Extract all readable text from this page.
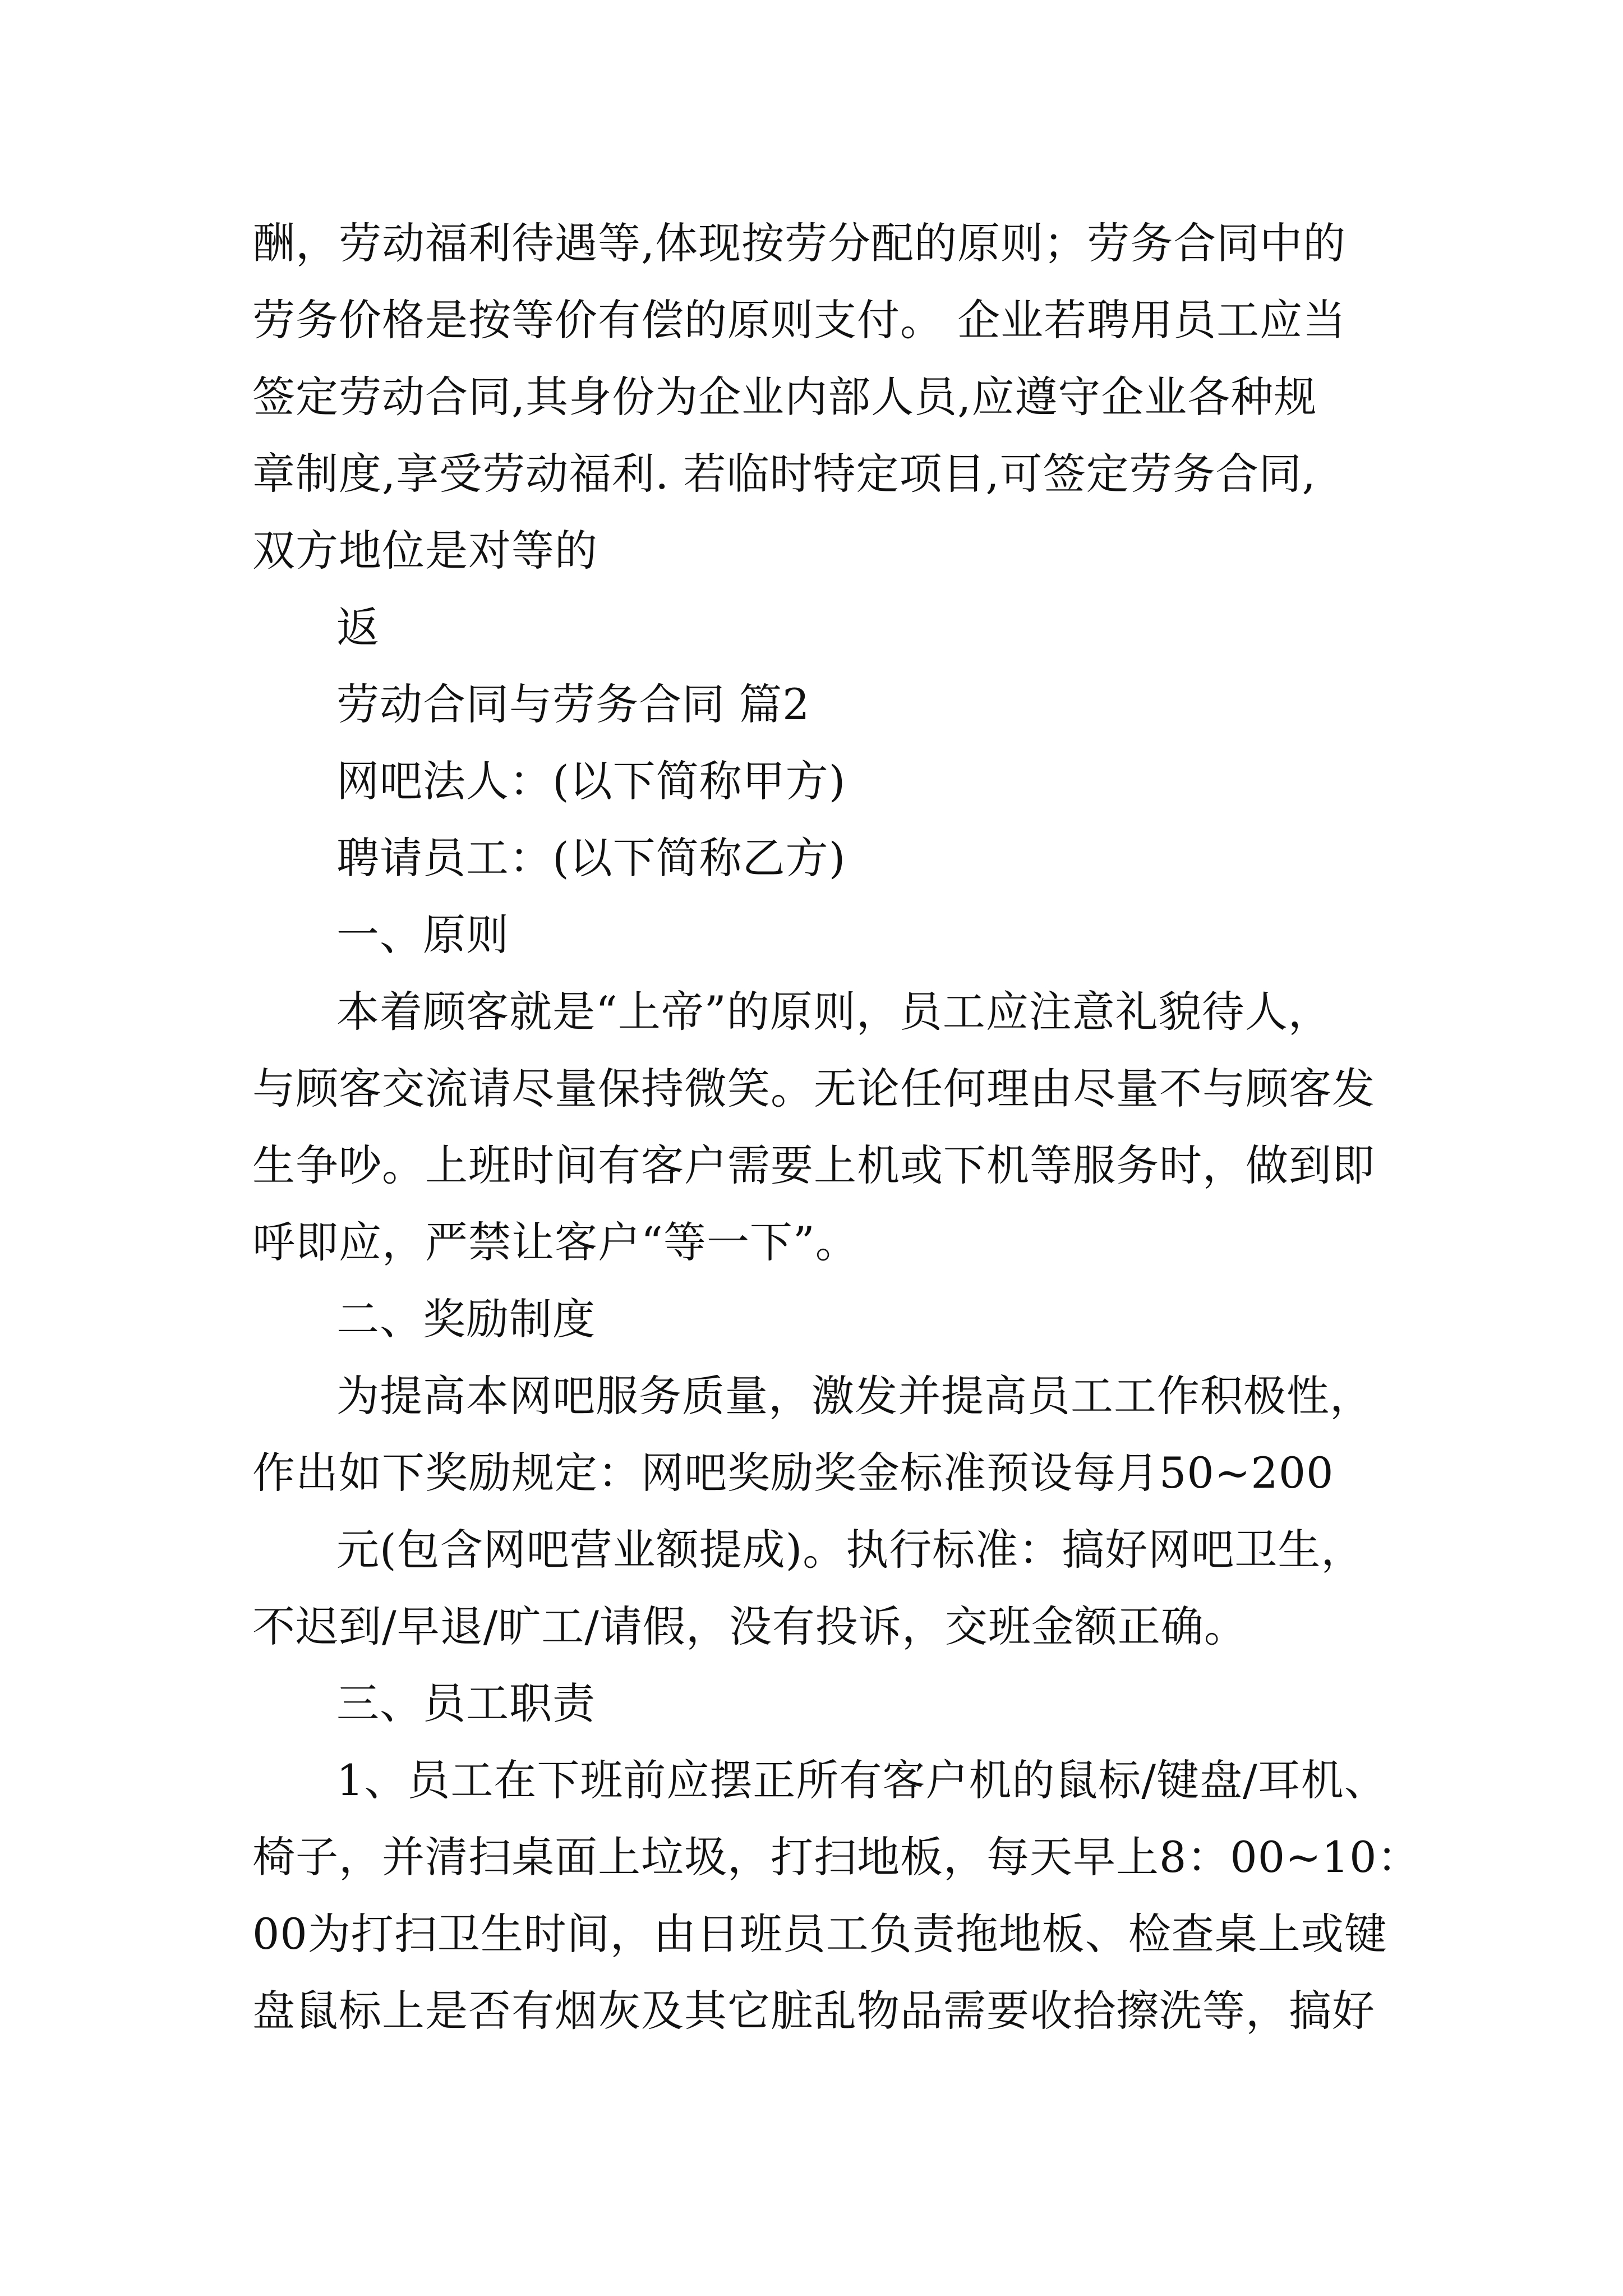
酬，劳动福利待遇等,体现按劳分配的原则；劳务合同中的
劳务价格是按等价有偿的原则支付。 企业若聘用员工应当
签定劳动合同,其身份为企业内部人员,应遵守企业各种规
章制度,享受劳动福利. 若临时特定项目,可签定劳务合同,
双方地位是对等的
返
劳动合同与劳务合同 篇2
网吧法人：(以下简称甲方)
聘请员工：(以下简称乙方)
一、原则
本着顾客就是“上帝”的原则，员工应注意礼貌待人，
与顾客交流请尽量保持微笑。无论任何理由尽量不与顾客发
生争吵。上班时间有客户需要上机或下机等服务时，做到即
呼即应，严禁让客户“等一下”。
二、奖励制度
为提高本网吧服务质量，激发并提高员工工作积极性，
作出如下奖励规定：网吧奖励奖金标准预设每月50~200
元(包含网吧营业额提成)。执行标准：搞好网吧卫生，
不迟到/早退/旷工/请假，没有投诉，交班金额正确。
三、员工职责
1、员工在下班前应摆正所有客户机的鼠标/键盘/耳机、
椅子，并清扫桌面上垃圾，打扫地板，每天早上8：00~10：
00为打扫卫生时间，由日班员工负责拖地板、检查桌上或键
盘鼠标上是否有烟灰及其它脏乱物品需要收拾擦洗等，搞好
